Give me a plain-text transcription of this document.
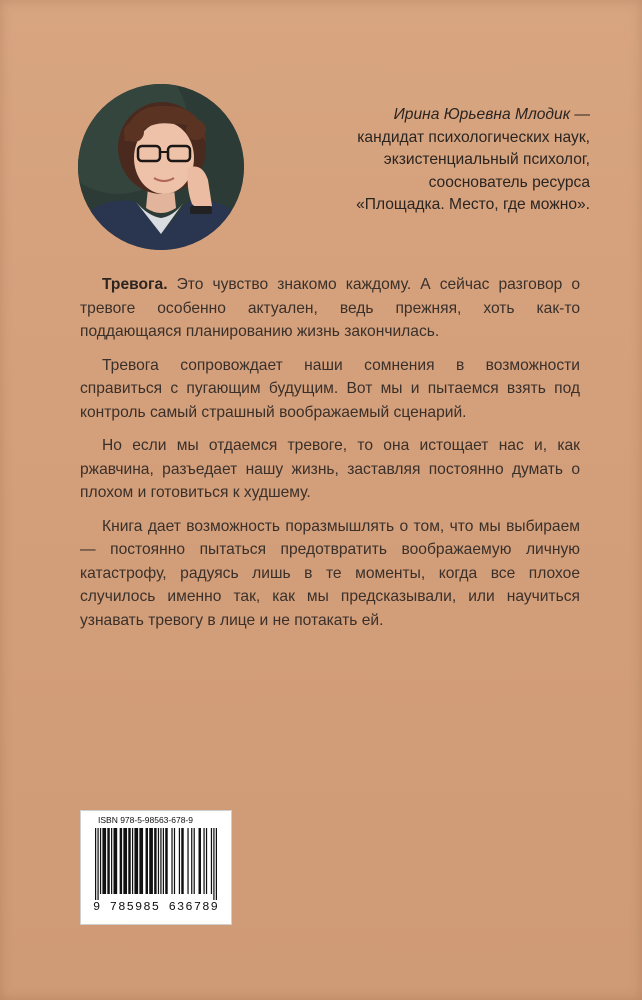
Ирина Юрьевна Млодик —
кандидат психологических наук,
экзистенциальный психолог,
сооснователь ресурса
«Площадка. Место, где можно».

Тревога. Это чувство знакомо каждому. А сейчас разговор о тревоге особенно актуален, ведь прежняя, хоть как-то поддающаяся планированию жизнь закончилась.

Тревога сопровождает наши сомнения в возможности справиться с пугающим будущим. Вот мы и пытаемся взять под контроль самый страшный воображаемый сценарий.

Но если мы отдаемся тревоге, то она истощает нас и, как ржавчина, разъедает нашу жизнь, заставляя постоянно думать о плохом и готовиться к худшему.

Книга дает возможность поразмышлять о том, что мы выбираем — постоянно пытаться предотвратить воображаемую личную катастрофу, радуясь лишь в те моменты, когда все плохое случилось именно так, как мы предсказывали, или научиться узнавать тревогу в лице и не потакать ей.

ISBN 978-5-98563-678-9
9 785985 636789
